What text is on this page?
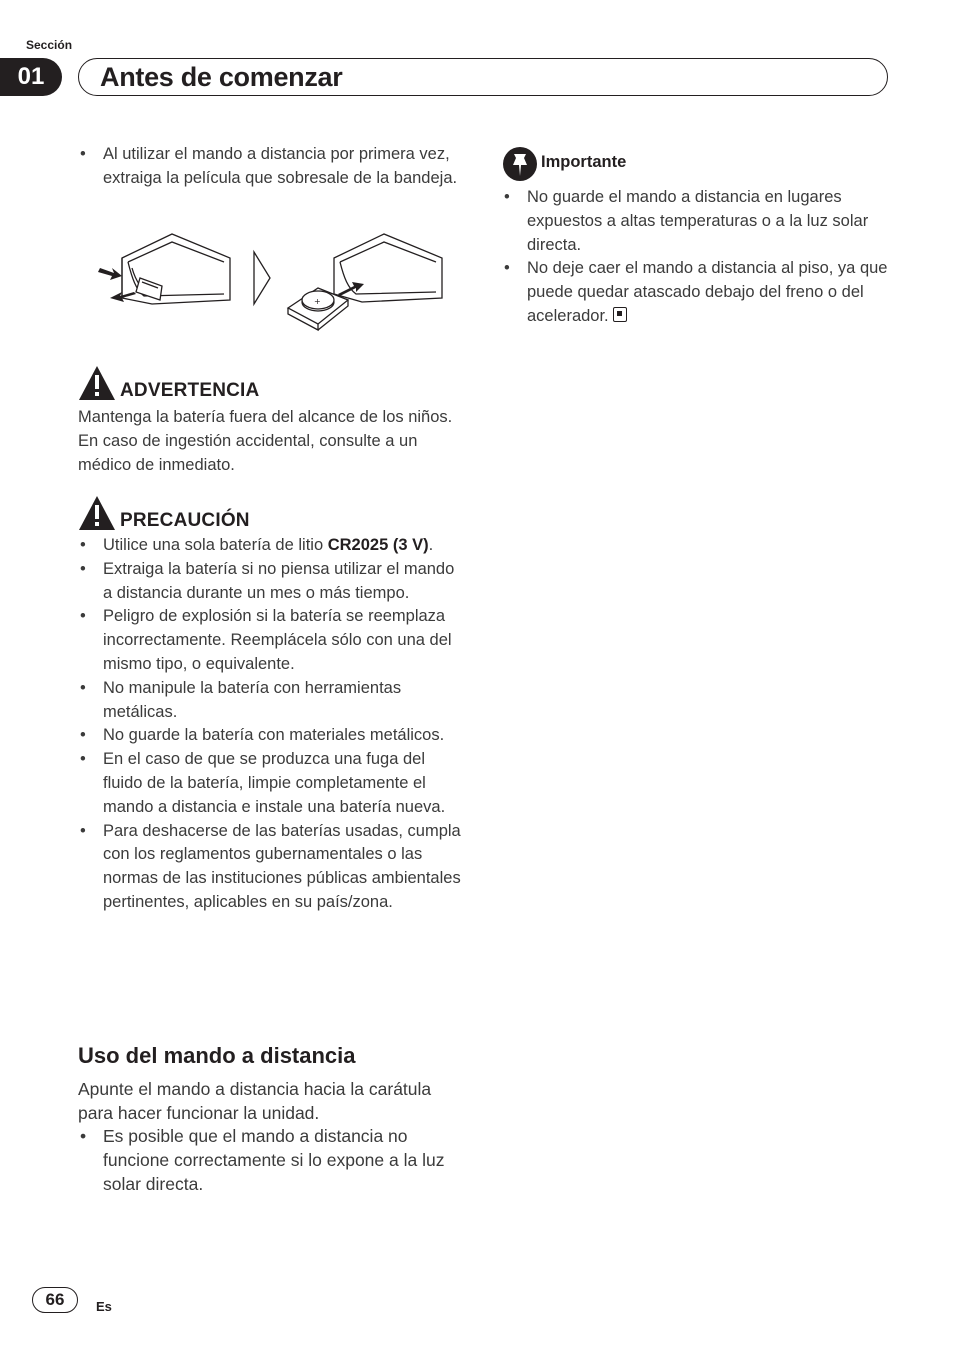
Sección
01	Antes de comenzar
• Al utilizar el mando a distancia por primera vez, extraiga la película que sobresale de la bandeja.
+
ADVERTENCIA
Mantenga la batería fuera del alcance de los niños. En caso de ingestión accidental, consulte a un médico de inmediato.
PRECAUCIÓN
• Utilice una sola batería de litio CR2025 (3 V).
• Extraiga la batería si no piensa utilizar el mando a distancia durante un mes o más tiempo.
• Peligro de explosión si la batería se reemplaza incorrectamente. Reemplácela sólo con una del mismo tipo, o equivalente.
• No manipule la batería con herramientas metálicas.
• No guarde la batería con materiales metálicos.
• En el caso de que se produzca una fuga del fluido de la batería, limpie completamente el mando a distancia e instale una batería nueva.
• Para deshacerse de las baterías usadas, cumpla con los reglamentos gubernamentales o las normas de las instituciones públicas ambientales pertinentes, aplicables en su país/zona.
Uso del mando a distancia
Apunte el mando a distancia hacia la carátula para hacer funcionar la unidad.
• Es posible que el mando a distancia no funcione correctamente si lo expone a la luz solar directa.
Importante
• No guarde el mando a distancia en lugares expuestos a altas temperaturas o a la luz solar directa.
• No deje caer el mando a distancia al piso, ya que puede quedar atascado debajo del freno o del acelerador.
66	Es
